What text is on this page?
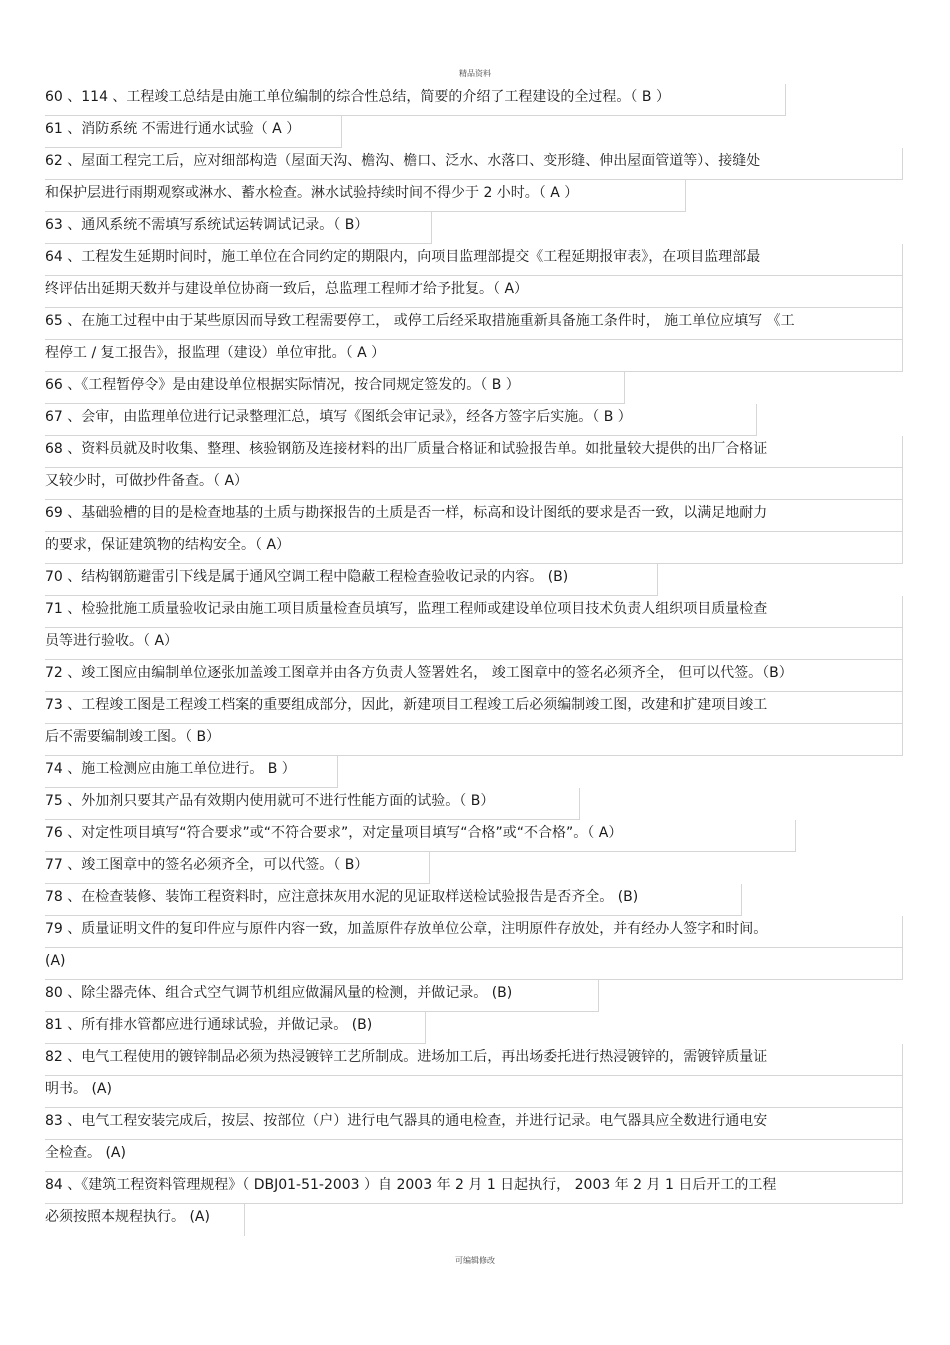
精品资料
60 、114 、工程竣工总结是由施工单位编制的综合性总结，简要的介绍了工程建设的全过程。（ B ）
61 、消防系统 不需进行通水试验（ A ）
62 、屋面工程完工后，应对细部构造（屋面天沟、檐沟、檐口、泛水、水落口、变形缝、伸出屋面管道等）、接缝处
和保护层进行雨期观察或淋水、蓄水检查。淋水试验持续时间不得少于 2 小时。（ A ）
63 、通风系统不需填写系统试运转调试记录。（ B）
64 、工程发生延期时间时，施工单位在合同约定的期限内，向项目监理部提交《工程延期报审表》，在项目监理部最
终评估出延期天数并与建设单位协商一致后，总监理工程师才给予批复。（ A）
65 、在施工过程中由于某些原因而导致工程需要停工， 或停工后经采取措施重新具备施工条件时， 施工单位应填写 《工
程停工 / 复工报告》，报监理（建设）单位审批。（ A ）
66 、《工程暂停令》是由建设单位根据实际情况，按合同规定签发的。（ B ）
67 、会审，由监理单位进行记录整理汇总，填写《图纸会审记录》，经各方签字后实施。（ B ）
68 、资料员就及时收集、整理、核验钢筋及连接材料的出厂质量合格证和试验报告单。如批量较大提供的出厂合格证
又较少时，可做抄件备查。（ A）
69 、基础验槽的目的是检查地基的土质与勘探报告的土质是否一样，标高和设计图纸的要求是否一致，以满足地耐力
的要求，保证建筑物的结构安全。（ A）
70 、结构钢筋避雷引下线是属于通风空调工程中隐蔽工程检查验收记录的内容。 (B)
71 、检验批施工质量验收记录由施工项目质量检查员填写，监理工程师或建设单位项目技术负责人组织项目质量检查
员等进行验收。（ A）
72 、竣工图应由编制单位逐张加盖竣工图章并由各方负责人签署姓名， 竣工图章中的签名必须齐全， 但可以代签。（B）
73 、工程竣工图是工程竣工档案的重要组成部分，因此，新建项目工程竣工后必须编制竣工图，改建和扩建项目竣工
后不需要编制竣工图。（ B）
74 、施工检测应由施工单位进行。 B ）
75 、外加剂只要其产品有效期内使用就可不进行性能方面的试验。（ B）
76 、对定性项目填写“符合要求”或“不符合要求”，对定量项目填写“合格”或“不合格”。（ A）
77 、竣工图章中的签名必须齐全，可以代签。（ B）
78 、在检查装修、装饰工程资料时，应注意抹灰用水泥的见证取样送检试验报告是否齐全。 (B)
79 、质量证明文件的复印件应与原件内容一致，加盖原件存放单位公章，注明原件存放处，并有经办人签字和时间。
(A)
80 、除尘器壳体、组合式空气调节机组应做漏风量的检测，并做记录。 (B)
81 、所有排水管都应进行通球试验，并做记录。 (B)
82 、电气工程使用的镀锌制品必须为热浸镀锌工艺所制成。进场加工后，再出场委托进行热浸镀锌的，需镀锌质量证
明书。 (A)
83 、电气工程安装完成后，按层、按部位（户）进行电气器具的通电检查，并进行记录。电气器具应全数进行通电安
全检查。 (A)
84 、《建筑工程资料管理规程》（ DBJ01-51-2003 ）自 2003 年 2 月 1 日起执行， 2003 年 2 月 1 日后开工的工程
必须按照本规程执行。 (A)
可编辑修改
